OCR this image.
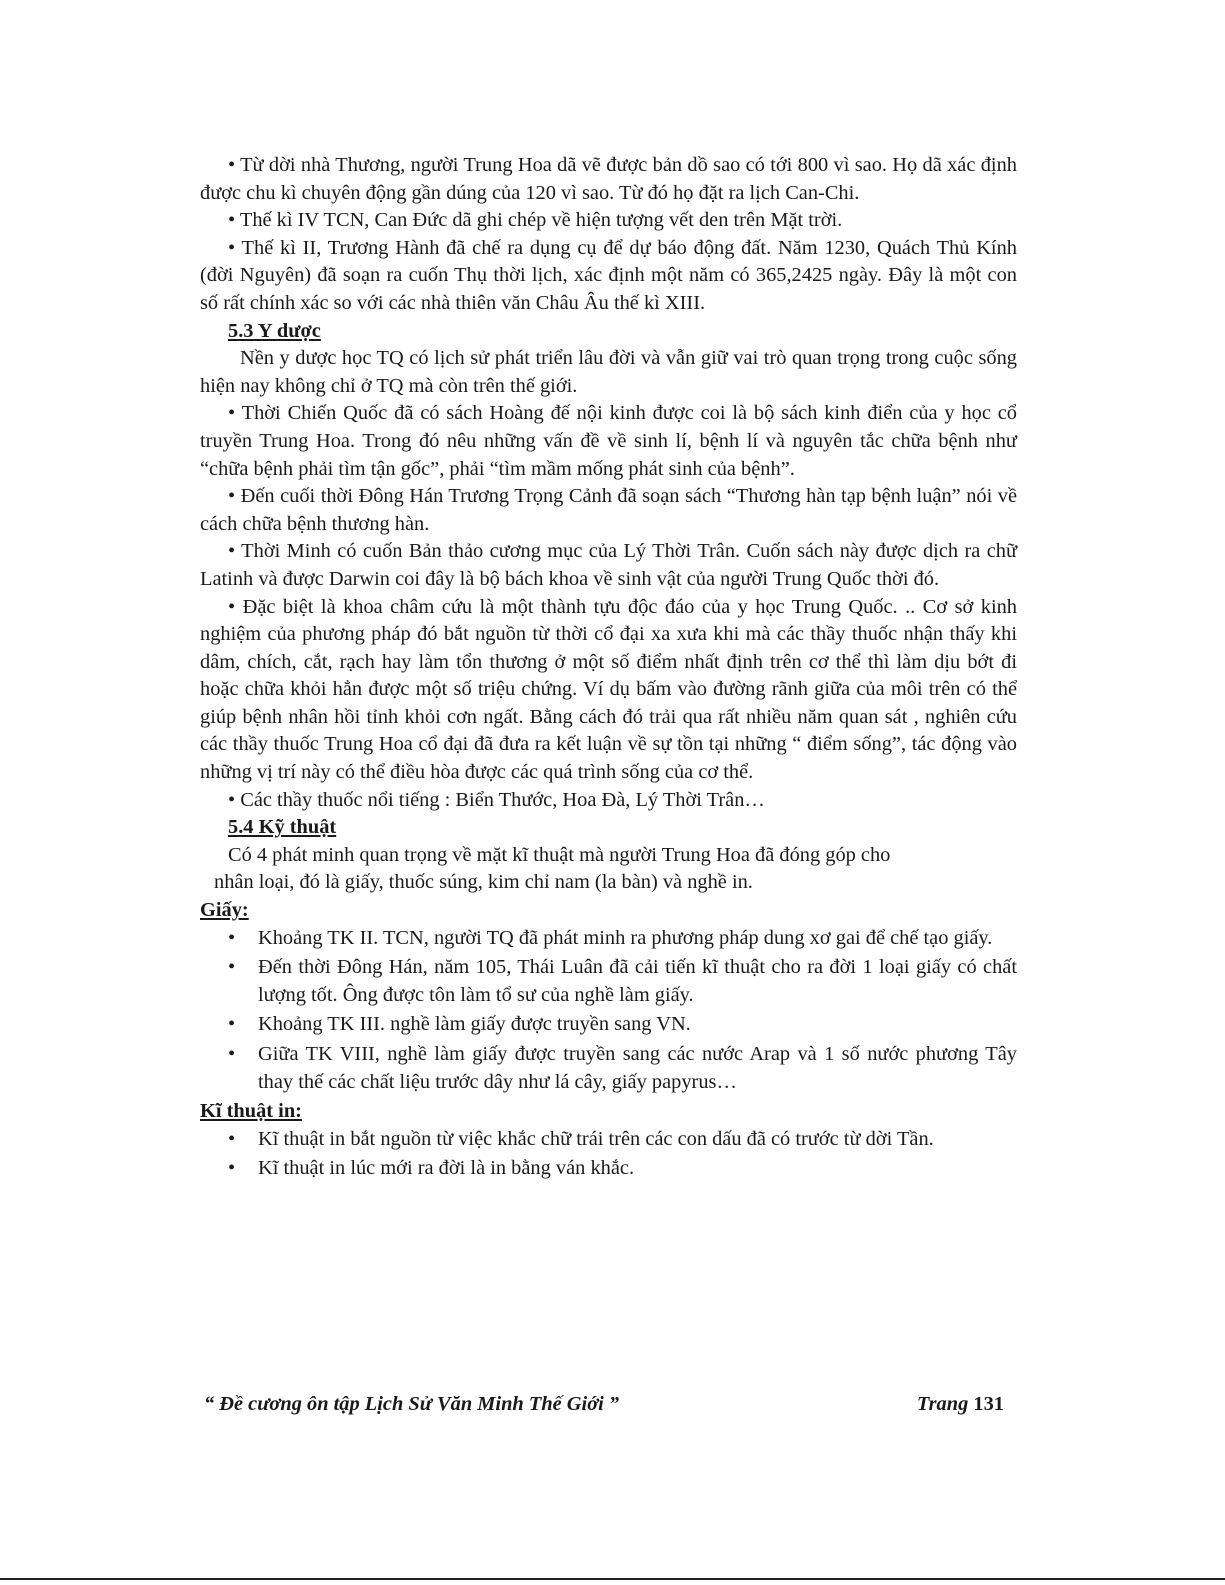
• Từ dời nhà Thương, người Trung Hoa dã vẽ được bản dồ sao có tới 800 vì sao. Họ dã xác định được chu kì chuyên động gần dúng của 120 vì sao. Từ đó họ đặt ra lịch Can-Chi.

• Thế kì IV TCN, Can Đức dã ghi chép về hiện tượng vết den trên Mặt trời.

• Thế kì II, Trương Hành đã chế ra dụng cụ để dự báo động đất. Năm 1230, Quách Thủ Kính (đời Nguyên) đã soạn ra cuốn Thụ thời lịch, xác định một năm có 365,2425 ngày. Đây là một con số rất chính xác so với các nhà thiên văn Châu Âu thế kì XIII.

5.3 Y dược

Nền y dược học TQ có lịch sử phát triển lâu đời và vẫn giữ vai trò quan trọng trong cuộc sống hiện nay không chỉ ở TQ mà còn trên thế giới.

• Thời Chiến Quốc đã có sách Hoàng đế nội kinh được coi là bộ sách kinh điển của y học cổ truyền Trung Hoa. Trong đó nêu những vấn đề về sinh lí, bệnh lí và nguyên tắc chữa bệnh như “chữa bệnh phải tìm tận gốc”, phải “tìm mầm mống phát sinh của bệnh”.

• Đến cuối thời Đông Hán Trương Trọng Cảnh đã soạn sách “Thương hàn tạp bệnh luận” nói về cách chữa bệnh thương hàn.

• Thời Minh có cuốn Bản thảo cương mục của Lý Thời Trân. Cuốn sách này được dịch ra chữ Latinh và được Darwin coi đây là bộ bách khoa về sinh vật của người Trung Quốc thời đó.

• Đặc biệt là khoa châm cứu là một thành tựu độc đáo của y học Trung Quốc. .. Cơ sở kinh nghiệm của phương pháp đó bắt nguồn từ thời cổ đại xa xưa khi mà các thầy thuốc nhận thấy khi dâm, chích, cắt, rạch hay làm tổn thương ở một số điểm nhất định trên cơ thể thì làm dịu bớt đi hoặc chữa khỏi hẳn được một số triệu chứng. Ví dụ bấm vào đường rãnh giữa của môi trên có thể giúp bệnh nhân hồi tỉnh khỏi cơn ngất. Bằng cách đó trải qua rất nhiều năm quan sát , nghiên cứu các thầy thuốc Trung Hoa cổ đại đã đưa ra kết luận về sự tồn tại những “ điểm sống”, tác động vào những vị trí này có thể điều hòa được các quá trình sống của cơ thể.

• Các thầy thuốc nổi tiếng : Biển Thước, Hoa Đà, Lý Thời Trân…

5.4 Kỹ thuật

Có 4 phát minh quan trọng về mặt kĩ thuật mà người Trung Hoa đã đóng góp cho
nhân loại, đó là giấy, thuốc súng, kim chỉ nam (la bàn) và nghề in.

Giấy:

• Khoảng TK II. TCN, người TQ đã phát minh ra phương pháp dung xơ gai để chế tạo giấy.
• Đến thời Đông Hán, năm 105, Thái Luân đã cải tiến kĩ thuật cho ra đời 1 loại giấy có chất lượng tốt. Ông được tôn làm tổ sư của nghề làm giấy.
• Khoảng TK III. nghề làm giấy được truyền sang VN.
• Giữa TK VIII, nghề làm giấy được truyền sang các nước Arap và 1 số nước phương Tây thay thế các chất liệu trước dây như lá cây, giấy papyrus…

Kĩ thuật in:

• Kĩ thuật in bắt nguồn từ việc khắc chữ trái trên các con dấu đã có trước từ dời Tần.
• Kĩ thuật in lúc mới ra đời là in bằng ván khắc.
“ Đề cương ôn tập Lịch Sử Văn Minh Thế Giới ”	Trang 131
